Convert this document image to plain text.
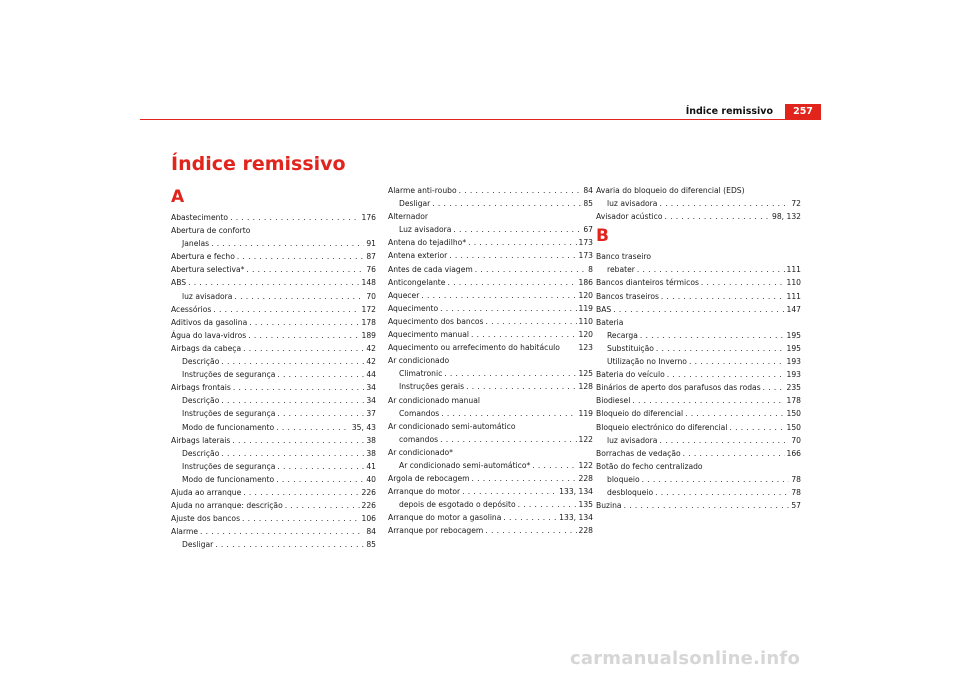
Índice remissivo	257
Índice remissivo
A
Abastecimento . . .	176
Abertura de conforto
Janelas . . .	91
Abertura e fecho . . .	87
Abertura selectiva* . . .	76
ABS . . .	148
luz avisadora . . .	70
Acessórios . . .	172
Aditivos da gasolina . . .	178
Água do lava-vidros . . .	189
Airbags da cabeça . . .	42
Descrição . . .	42
Instruções de segurança . . .	44
Airbags frontais . . .	34
Descrição . . .	34
Instruções de segurança . . .	37
Modo de funcionamento . . .	35, 43
Airbags laterais . . .	38
Descrição . . .	38
Instruções de segurança . . .	41
Modo de funcionamento . . .	40
Ajuda ao arranque . . .	226
Ajuda no arranque: descrição . . .	226
Ajuste dos bancos . . .	106
Alarme . . .	84
Desligar . . .	85
Alarme anti-roubo . . .	84
Desligar . . .	85
Alternador
Luz avisadora . . .	67
Antena do tejadilho* . . .	173
Antena exterior . . .	173
Antes de cada viagem . . .	8
Anticongelante . . .	186
Aquecer . . .	120
Aquecimento . . .	119
Aquecimento dos bancos . . .	110
Aquecimento manual . . .	120
Aquecimento ou arrefecimento do habitáculo 123
Ar condicionado
Climatronic . . .	125
Instruções gerais . . .	128
Ar condicionado manual
Comandos . . .	119
Ar condicionado semi-automático
comandos . . .	122
Ar condicionado*
Ar condicionado semi-automático* . . .	122
Argola de rebocagem . . .	228
Arranque do motor . . .	133, 134
depois de esgotado o depósito . . .	135
Arranque do motor a gasolina . . .	133, 134
Arranque por rebocagem . . .	228
Avaria do bloqueio do diferencial (EDS)
luz avisadora . . .	72
Avisador acústico . . .	98, 132
B
Banco traseiro
rebater . . .	111
Bancos dianteiros térmicos . . .	110
Bancos traseiros . . .	111
BAS . . .	147
Bateria
Recarga . . .	195
Substituição . . .	195
Utilização no Inverno . . .	193
Bateria do veículo . . .	193
Binários de aperto dos parafusos das rodas . . .	235
Biodiesel . . .	178
Bloqueio do diferencial . . .	150
Bloqueio electrónico do diferencial . . .	150
luz avisadora . . .	70
Borrachas de vedação . . .	166
Botão do fecho centralizado
bloqueio . . .	78
desbloqueio . . .	78
Buzina . . .	57
carmanualsonline.info
